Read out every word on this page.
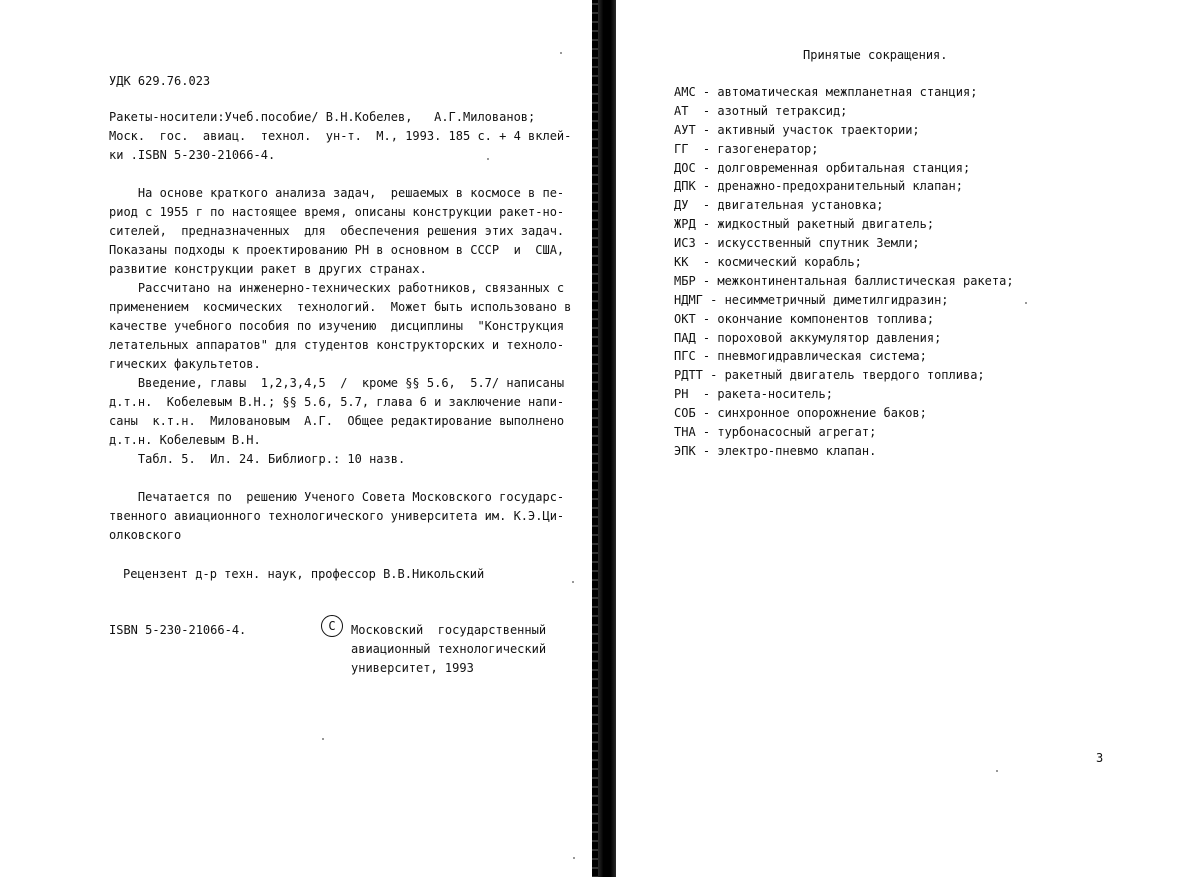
УДК 629.76.023
Ракеты-носители:Учеб.пособие/ В.Н.Кобелев,   А.Г.Милованов;
Моск.  гос.  авиац.  технол.  ун-т.  М., 1993. 185 с. + 4 вклей-
ки .ISBN 5-230-21066-4.
На основе краткого анализа задач,  решаемых в космосе в пе-
риод с 1955 г по настоящее время, описаны конструкции ракет-но-
сителей,  предназначенных  для  обеспечения решения этих задач.
Показаны подходы к проектированию РН в основном в СССР  и  США,
развитие конструкции ракет в других странах.
Рассчитано на инженерно-технических работников, связанных с
применением  космических  технологий.  Может быть использовано в
качестве учебного пособия по изучению  дисциплины  "Конструкция
летательных аппаратов" для студентов конструкторских и техноло-
гических факультетов.
Введение, главы  1,2,3,4,5  /  кроме §§ 5.6,  5.7/ написаны
д.т.н.  Кобелевым В.Н.; §§ 5.6, 5.7, глава 6 и заключение напи-
саны  к.т.н.  Миловановым  А.Г.  Общее редактирование выполнено
д.т.н. Кобелевым В.Н.
Табл. 5.  Ил. 24. Библиогр.: 10 назв.
Печатается по  решению Ученого Совета Московского государс-
твенного авиационного технологического университета им. К.Э.Ци-
олковского
Рецензент д-р техн. наук, профессор В.В.Никольский
ISBN 5-230-21066-4.	C	Московский  государственный
авиационный технологический
университет, 1993
Принятые сокращения.
АМС - автоматическая межпланетная станция;
АТ  - азотный тетраксид;
АУТ - активный участок траектории;
ГГ  - газогенератор;
ДОС - долговременная орбитальная станция;
ДПК - дренажно-предохранительный клапан;
ДУ  - двигательная установка;
ЖРД - жидкостный ракетный двигатель;
ИСЗ - искусственный спутник Земли;
КК  - космический корабль;
МБР - межконтинентальная баллистическая ракета;
НДМГ - несимметричный диметилгидразин;
ОКТ - окончание компонентов топлива;
ПАД - пороховой аккумулятор давления;
ПГС - пневмогидравлическая система;
РДТТ - ракетный двигатель твердого топлива;
РН  - ракета-носитель;
СОБ - синхронное опорожнение баков;
ТНА - турбонасосный агрегат;
ЭПК - электро-пневмо клапан.
3
